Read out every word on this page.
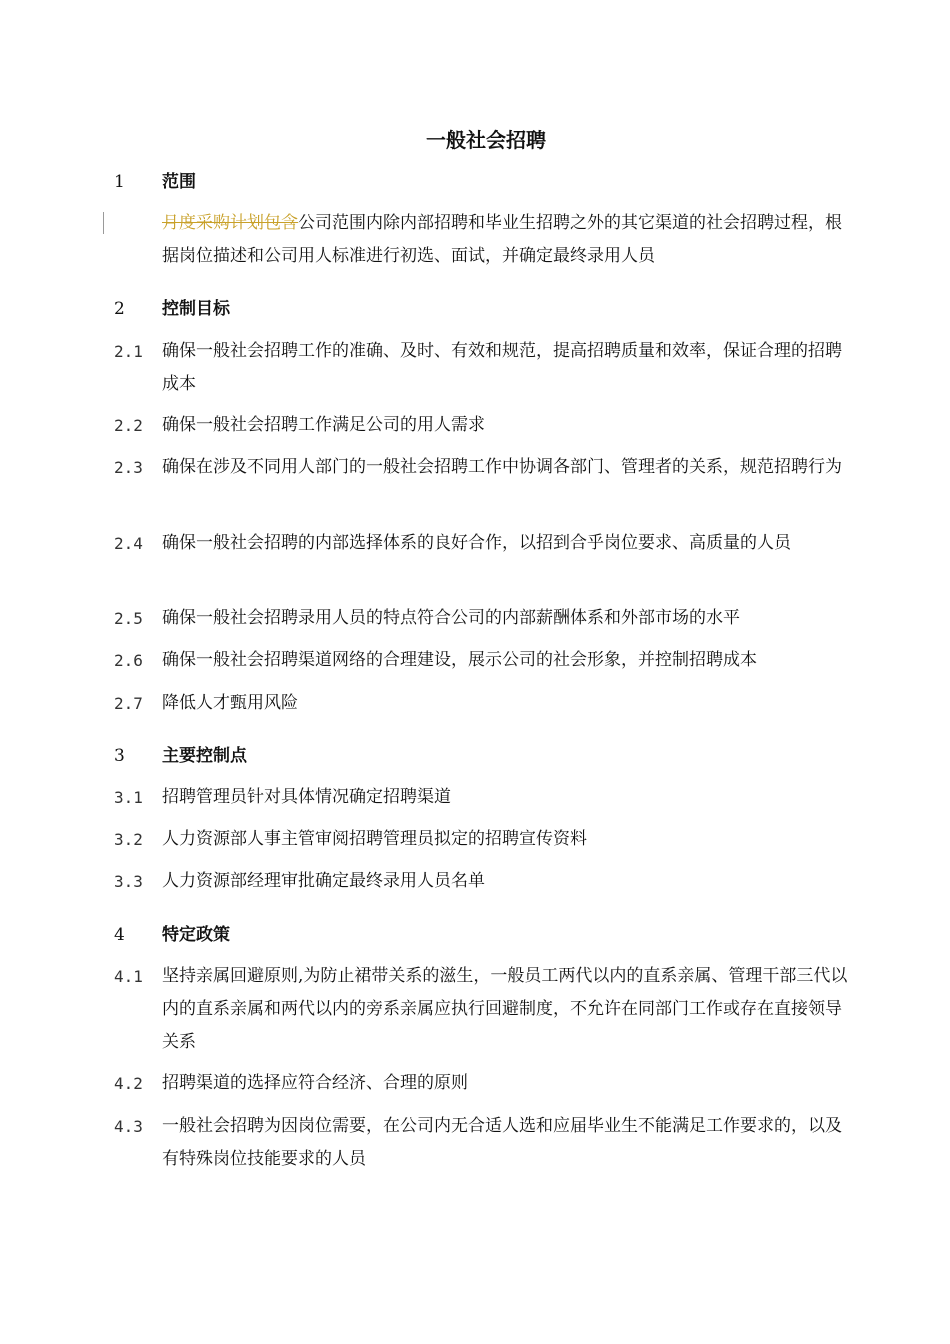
一般社会招聘
1 范围
月度采购计划包含公司范围内除内部招聘和毕业生招聘之外的其它渠道的社会招聘过程，根据岗位描述和公司用人标准进行初选、面试，并确定最终录用人员
2 控制目标
2.1 确保一般社会招聘工作的准确、及时、有效和规范，提高招聘质量和效率，保证合理的招聘成本
2.2 确保一般社会招聘工作满足公司的用人需求
2.3 确保在涉及不同用人部门的一般社会招聘工作中协调各部门、管理者的关系，规范招聘行为
2.4 确保一般社会招聘的内部选择体系的良好合作，以招到合乎岗位要求、高质量的人员
2.5 确保一般社会招聘录用人员的特点符合公司的内部薪酬体系和外部市场的水平
2.6 确保一般社会招聘渠道网络的合理建设，展示公司的社会形象，并控制招聘成本
2.7 降低人才甄用风险
3 主要控制点
3.1 招聘管理员针对具体情况确定招聘渠道
3.2 人力资源部人事主管审阅招聘管理员拟定的招聘宣传资料
3.3 人力资源部经理审批确定最终录用人员名单
4 特定政策
4.1 坚持亲属回避原则,为防止裙带关系的滋生，一般员工两代以内的直系亲属、管理干部三代以内的直系亲属和两代以内的旁系亲属应执行回避制度，不允许在同部门工作或存在直接领导关系
4.2 招聘渠道的选择应符合经济、合理的原则
4.3 一般社会招聘为因岗位需要，在公司内无合适人选和应届毕业生不能满足工作要求的，以及有特殊岗位技能要求的人员
